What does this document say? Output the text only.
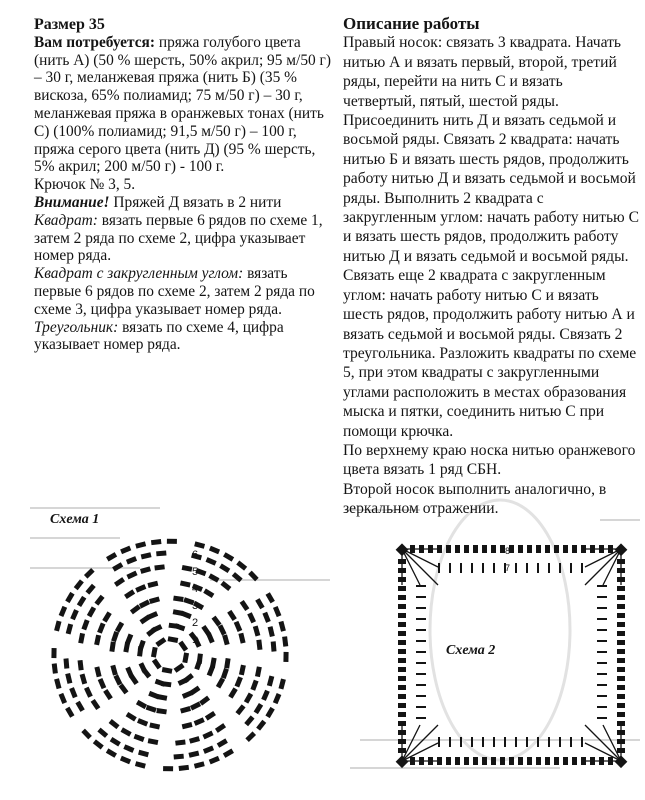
Размер 35

Вам потребуется: пряжа голубого цвета (нить А) (50 % шерсть, 50% акрил; 95 м/50 г) – 30 г, меланжевая пряжа (нить Б) (35 % вискоза, 65% полиамид; 75 м/50 г) – 30 г, меланжевая пряжа в оранжевых тонах (нить С) (100% полиамид; 91,5 м/50 г) – 100 г, пряжа серого цвета (нить Д) (95 % шерсть, 5% акрил; 200 м/50 г) - 100 г.

Крючок № 3, 5.

Внимание! Пряжей Д вязать в 2 нити

Квадрат: вязать первые 6 рядов по схеме 1, затем 2 ряда по схеме 2, цифра указывает номер ряда.

Квадрат с закругленным углом: вязать первые 6 рядов по схеме 2, затем 2 ряда по схеме 3, цифра указывает номер ряда.

Треугольник: вязать по схеме 4, цифра указывает номер ряда.

Описание работы

Правый носок: связать 3 квадрата. Начать нитью А и вязать первый, второй, третий ряды, перейти на нить С и вязать четвертый, пятый, шестой ряды. Присоединить нить Д и вязать седьмой и восьмой ряды. Связать 2 квадрата: начать нитью Б и вязать шесть рядов, продолжить работу нитью Д и вязать седьмой и восьмой ряды. Выполнить 2 квадрата с закругленным углом: начать работу нитью С и вязать шесть рядов, продолжить работу нитью Д и вязать седьмой и восьмой ряды. Связать еще 2 квадрата с закругленным углом: начать работу нитью С и вязать шесть рядов, продолжить работу нитью А и вязать седьмой и восьмой ряды. Связать 2 треугольника. Разложить квадраты по схеме 5, при этом квадраты с закругленными углами расположить в местах образования мыска и пятки, соединить нитью С при помощи крючка.

По верхнему краю носка нитью оранжевого цвета вязать 1 ряд СБН.

Второй носок выполнить аналогично, в зеркальном отражении.

Схема 1
1
2
3
4
5
6
Схема 2
7
8
